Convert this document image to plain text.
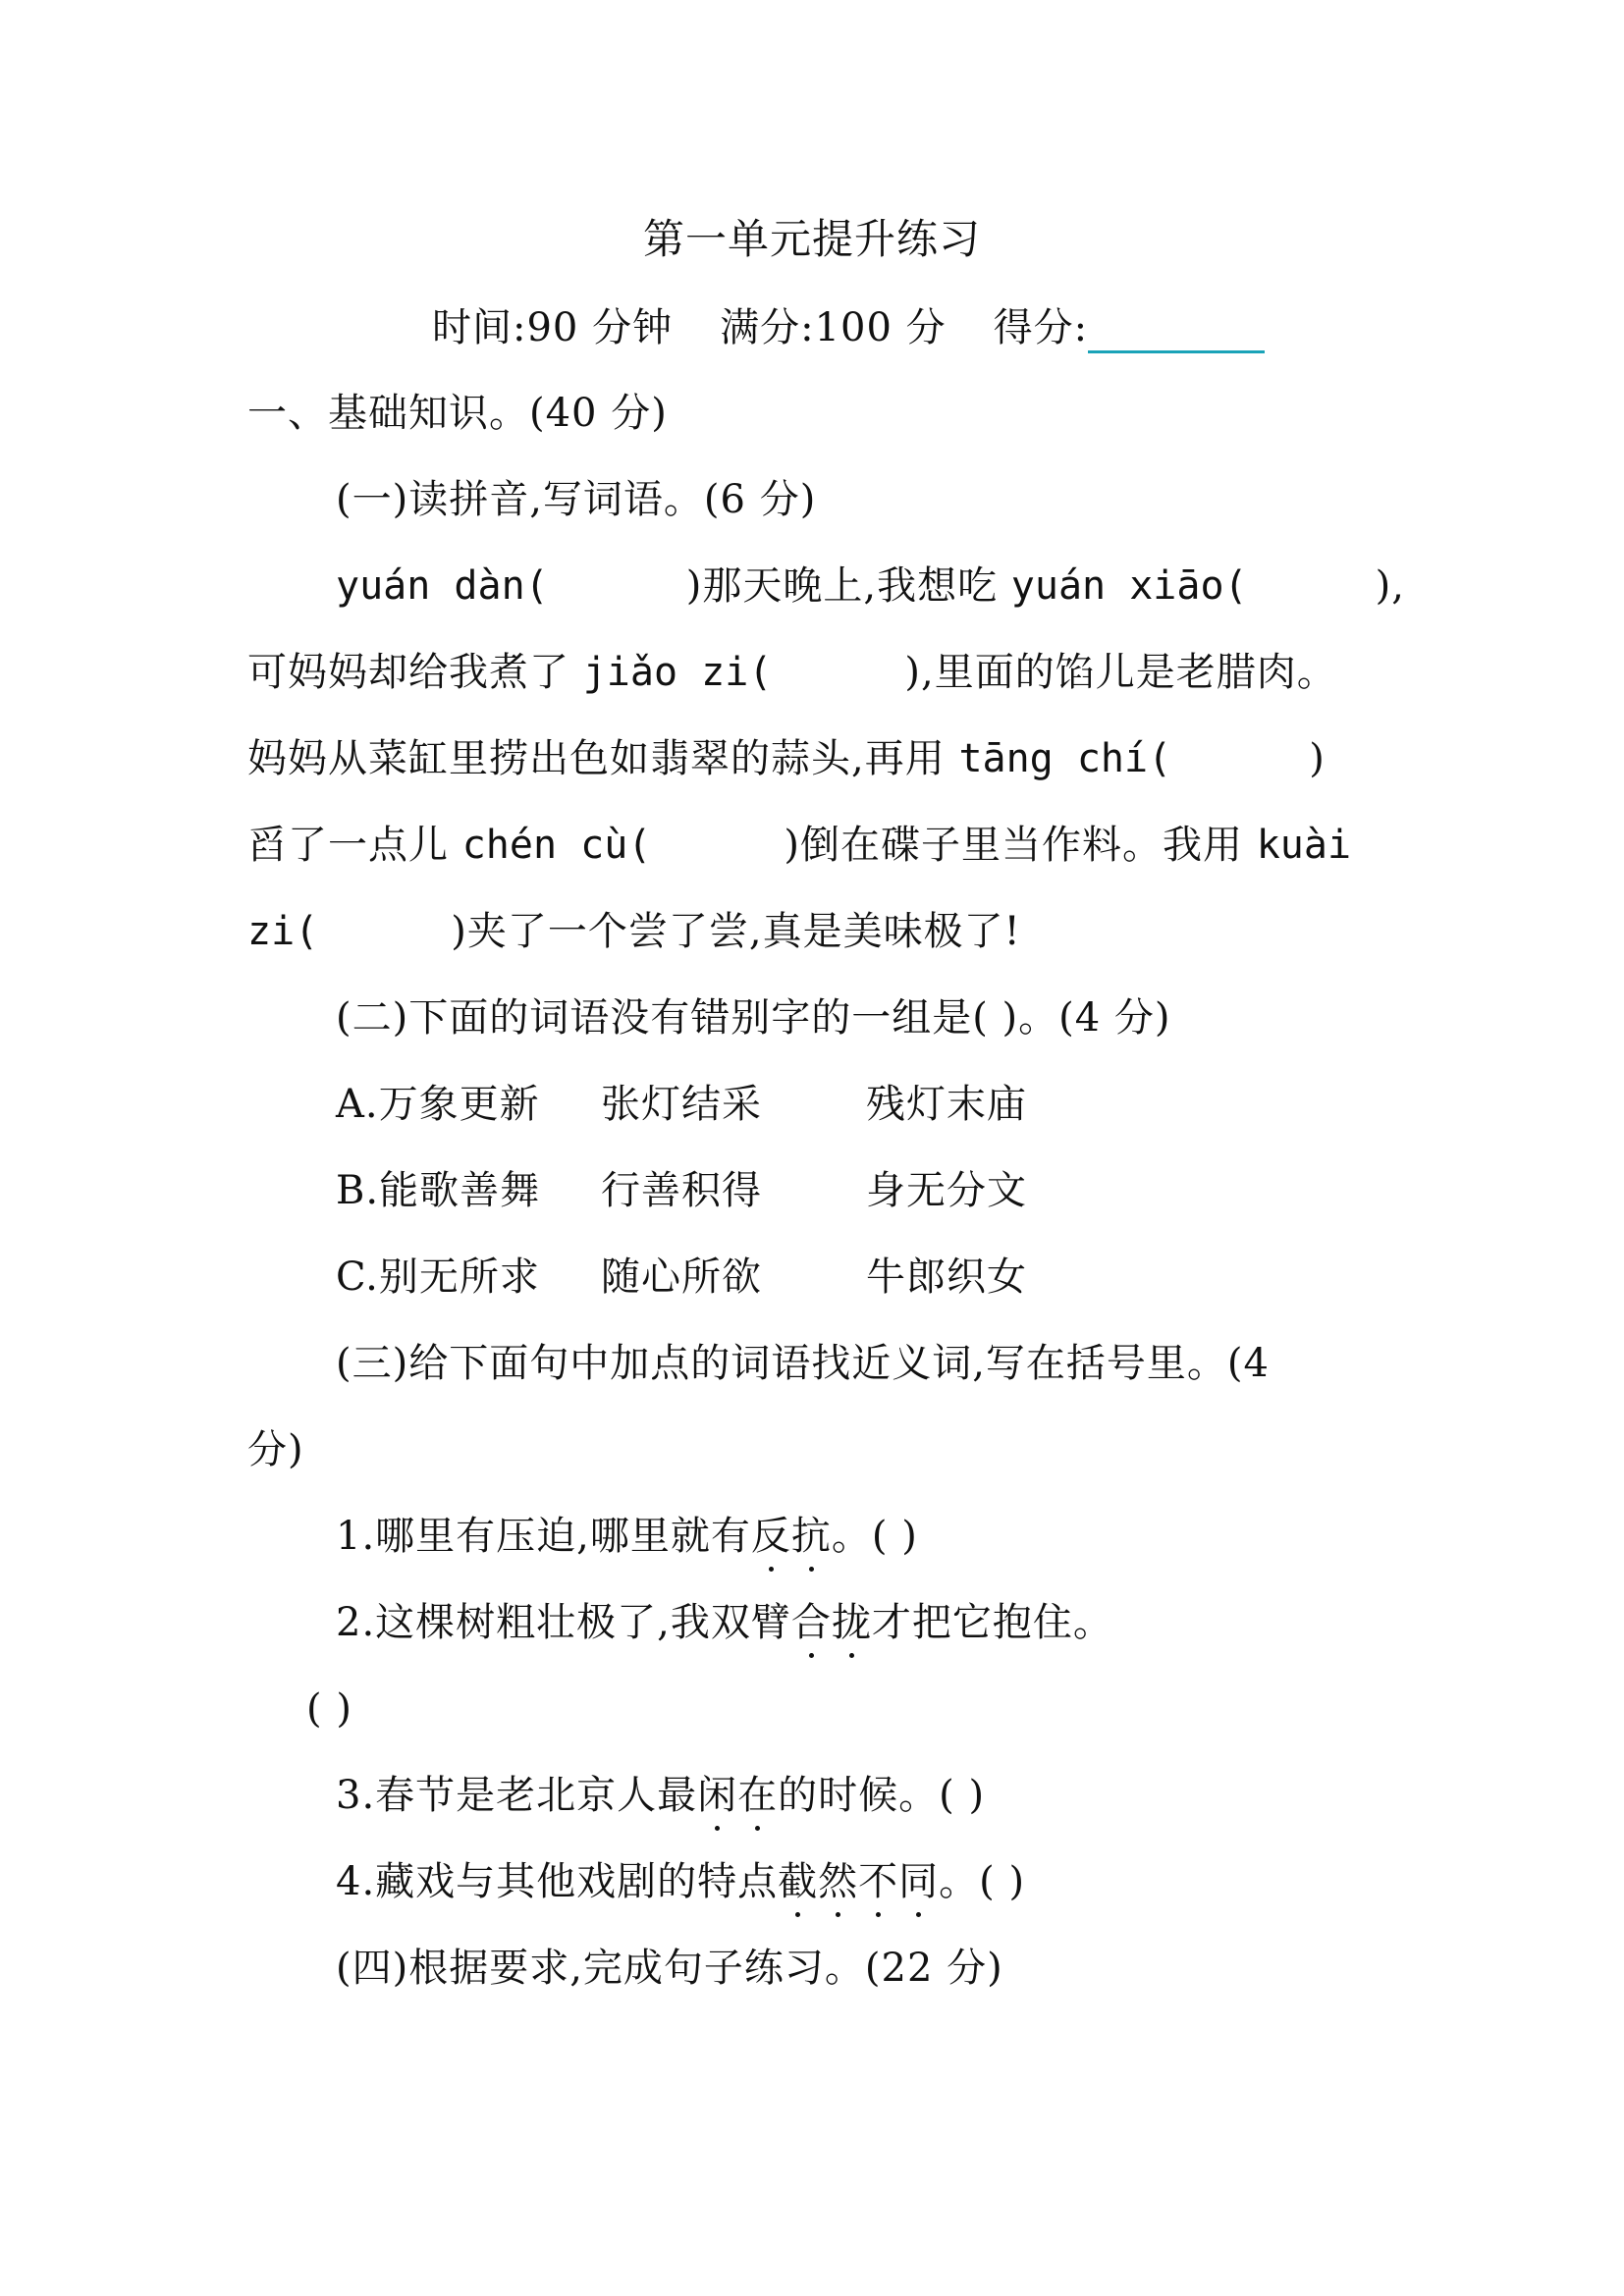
第一单元提升练习
时间:90 分钟 满分:100 分 得分:
一、基础知识。(40 分)
(一)读拼音,写词语。(6 分)
yuán dàn(	)那天晚上,我想吃 yuán xiāo(	),
可妈妈却给我煮了 jiǎo zi(	),里面的馅儿是老腊肉。
妈妈从菜缸里捞出色如翡翠的蒜头,再用 tāng chí(	)
舀了一点儿 chén cù(	)倒在碟子里当作料。我用 kuài
zi(	)夹了一个尝了尝,真是美味极了!
(二)下面的词语没有错别字的一组是( )。(4 分)
A.万象更新 张灯结采	残灯末庙
B.能歌善舞 行善积得	身无分文
C.别无所求 随心所欲	牛郎织女
(三)给下面句中加点的词语找近义词,写在括号里。(4
分)
1.哪里有压迫,哪里就有反抗。( )
2.这棵树粗壮极了,我双臂合拢才把它抱住。
( )
3.春节是老北京人最闲在的时候。( )
4.藏戏与其他戏剧的特点截然不同。( )
(四)根据要求,完成句子练习。(22 分)
